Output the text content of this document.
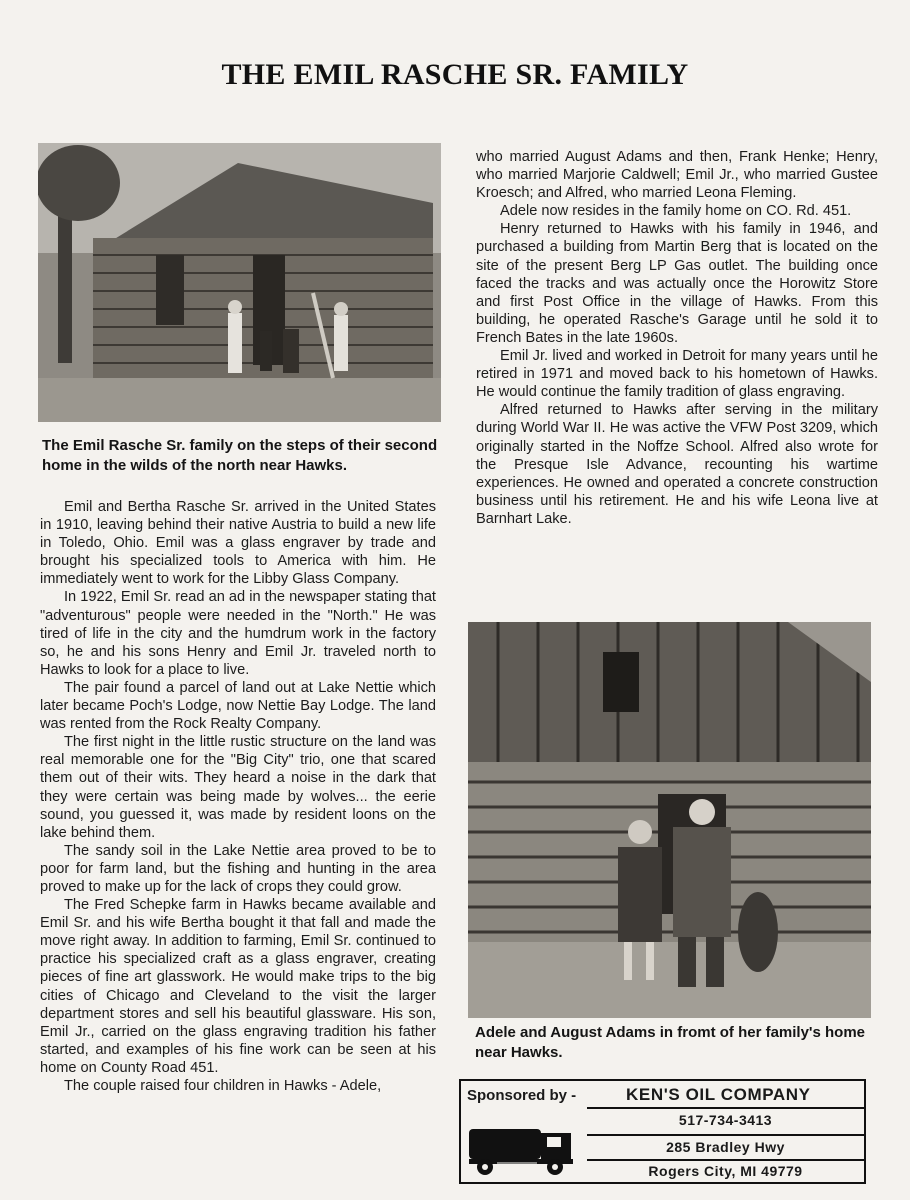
THE EMIL RASCHE SR. FAMILY
The Emil Rasche Sr. family on the steps of their second home in the wilds of the north near Hawks.

Emil and Bertha Rasche Sr. arrived in the United States in 1910, leaving behind their native Austria to build a new life in Toledo, Ohio. Emil was a glass engraver by trade and brought his specialized tools to America with him. He immediately went to work for the Libby Glass Company.

In 1922, Emil Sr. read an ad in the newspaper stating that "adventurous" people were needed in the "North." He was tired of life in the city and the humdrum work in the factory so, he and his sons Henry and Emil Jr. traveled north to Hawks to look for a place to live.

The pair found a parcel of land out at Lake Nettie which later became Poch's Lodge, now Nettie Bay Lodge. The land was rented from the Rock Realty Company.

The first night in the little rustic structure on the land was real memorable one for the "Big City" trio, one that scared them out of their wits. They heard a noise in the dark that they were certain was being made by wolves... the eerie sound, you guessed it, was made by resident loons on the lake behind them.

The sandy soil in the Lake Nettie area proved to be to poor for farm land, but the fishing and hunting in the area proved to make up for the lack of crops they could grow.

The Fred Schepke farm in Hawks became available and Emil Sr. and his wife Bertha bought it that fall and made the move right away. In addition to farming, Emil Sr. continued to practice his specialized craft as a glass engraver, creating pieces of fine art glasswork. He would make trips to the big cities of Chicago and Cleveland to the visit the larger department stores and sell his beautiful glassware. His son, Emil Jr., carried on the glass engraving tradition his father started, and examples of his fine work can be seen at his home on County Road 451.

The couple raised four children in Hawks - Adele,

who married August Adams and then, Frank Henke; Henry, who married Marjorie Caldwell; Emil Jr., who married Gustee Kroesch; and Alfred, who married Leona Fleming.

Adele now resides in the family home on CO. Rd. 451.

Henry returned to Hawks with his family in 1946, and purchased a building from Martin Berg that is located on the site of the present Berg LP Gas outlet. The building once faced the tracks and was actually once the Horowitz Store and first Post Office in the village of Hawks. From this building, he operated Rasche's Garage until he sold it to French Bates in the late 1960s.

Emil Jr. lived and worked in Detroit for many years until he retired in 1971 and moved back to his hometown of Hawks. He would continue the family tradition of glass engraving.

Alfred returned to Hawks after serving in the military during World War II. He was active the VFW Post 3209, which originally started in the Noffze School. Alfred also wrote for the Presque Isle Advance, recounting his wartime experiences. He owned and operated a concrete construction business until his retirement. He and his wife Leona live at Barnhart Lake.

Adele and August Adams in fromt of her family's home near Hawks.
Sponsored by -	KEN'S OIL COMPANY
517-734-3413
285 Bradley Hwy
Rogers City, MI 49779
